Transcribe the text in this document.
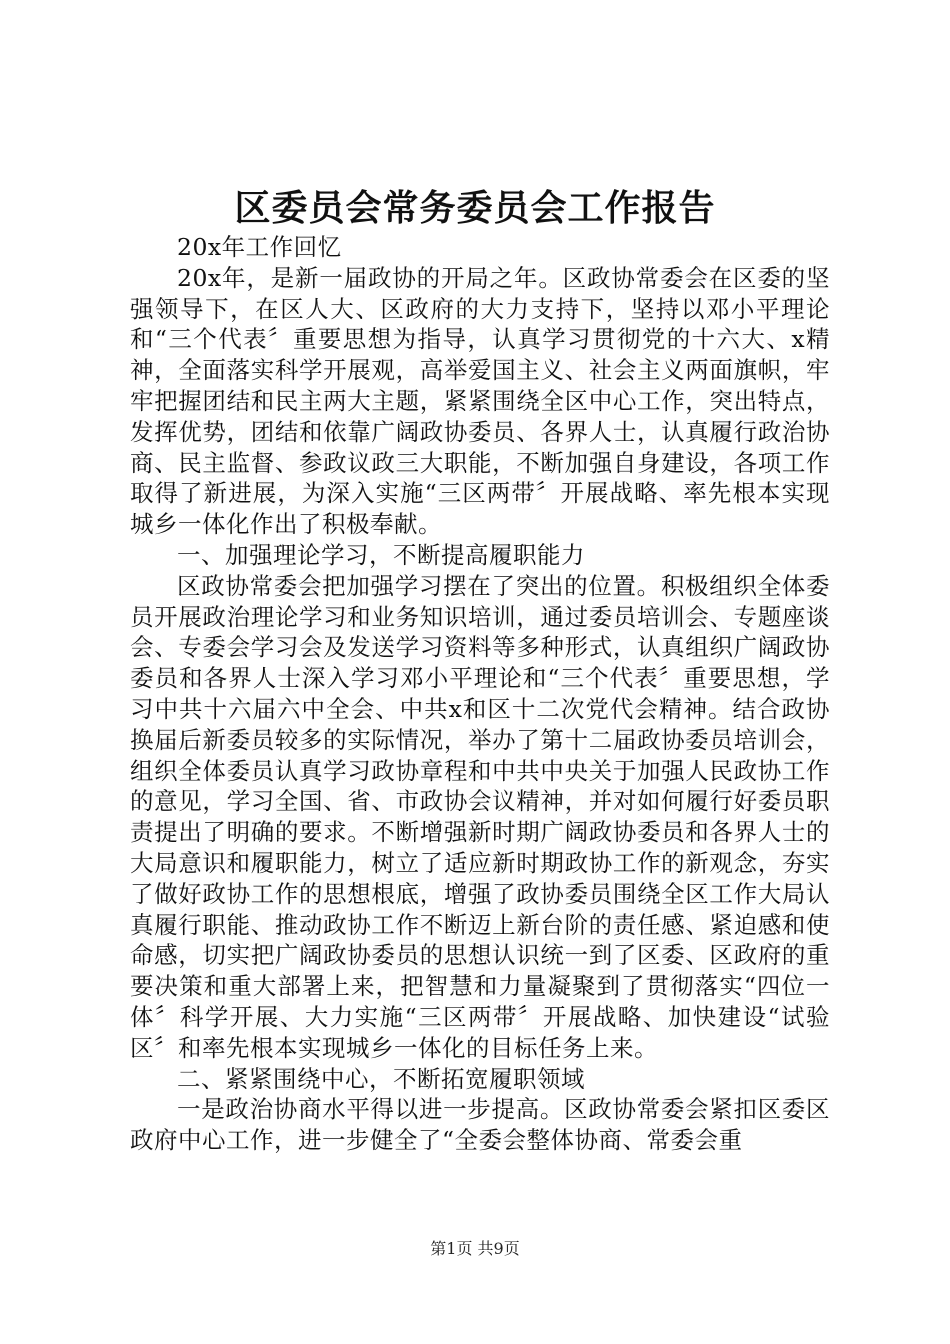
区委员会常务委员会工作报告

20x年工作回忆

20x年，是新一届政协的开局之年。区政协常委会在区委的坚强领导下，在区人大、区政府的大力支持下，坚持以邓小平理论和“三个代表〞重要思想为指导，认真学习贯彻党的十六大、x精神，全面落实科学开展观，高举爱国主义、社会主义两面旗帜，牢牢把握团结和民主两大主题，紧紧围绕全区中心工作，突出特点，发挥优势，团结和依靠广阔政协委员、各界人士，认真履行政治协商、民主监督、参政议政三大职能，不断加强自身建设，各项工作取得了新进展，为深入实施“三区两带〞开展战略、率先根本实现城乡一体化作出了积极奉献。

一、加强理论学习，不断提高履职能力

区政协常委会把加强学习摆在了突出的位置。积极组织全体委员开展政治理论学习和业务知识培训，通过委员培训会、专题座谈会、专委会学习会及发送学习资料等多种形式，认真组织广阔政协委员和各界人士深入学习邓小平理论和“三个代表〞重要思想，学习中共十六届六中全会、中共x和区十二次党代会精神。结合政协换届后新委员较多的实际情况，举办了第十二届政协委员培训会，组织全体委员认真学习政协章程和中共中央关于加强人民政协工作的意见，学习全国、省、市政协会议精神，并对如何履行好委员职责提出了明确的要求。不断增强新时期广阔政协委员和各界人士的大局意识和履职能力，树立了适应新时期政协工作的新观念，夯实了做好政协工作的思想根底，增强了政协委员围绕全区工作大局认真履行职能、推动政协工作不断迈上新台阶的责任感、紧迫感和使命感，切实把广阔政协委员的思想认识统一到了区委、区政府的重要决策和重大部署上来，把智慧和力量凝聚到了贯彻落实“四位一体〞科学开展、大力实施“三区两带〞开展战略、加快建设“试验区〞和率先根本实现城乡一体化的目标任务上来。

二、紧紧围绕中心，不断拓宽履职领域

一是政治协商水平得以进一步提高。区政协常委会紧扣区委区政府中心工作，进一步健全了“全委会整体协商、常委会重

第1页 共9页
